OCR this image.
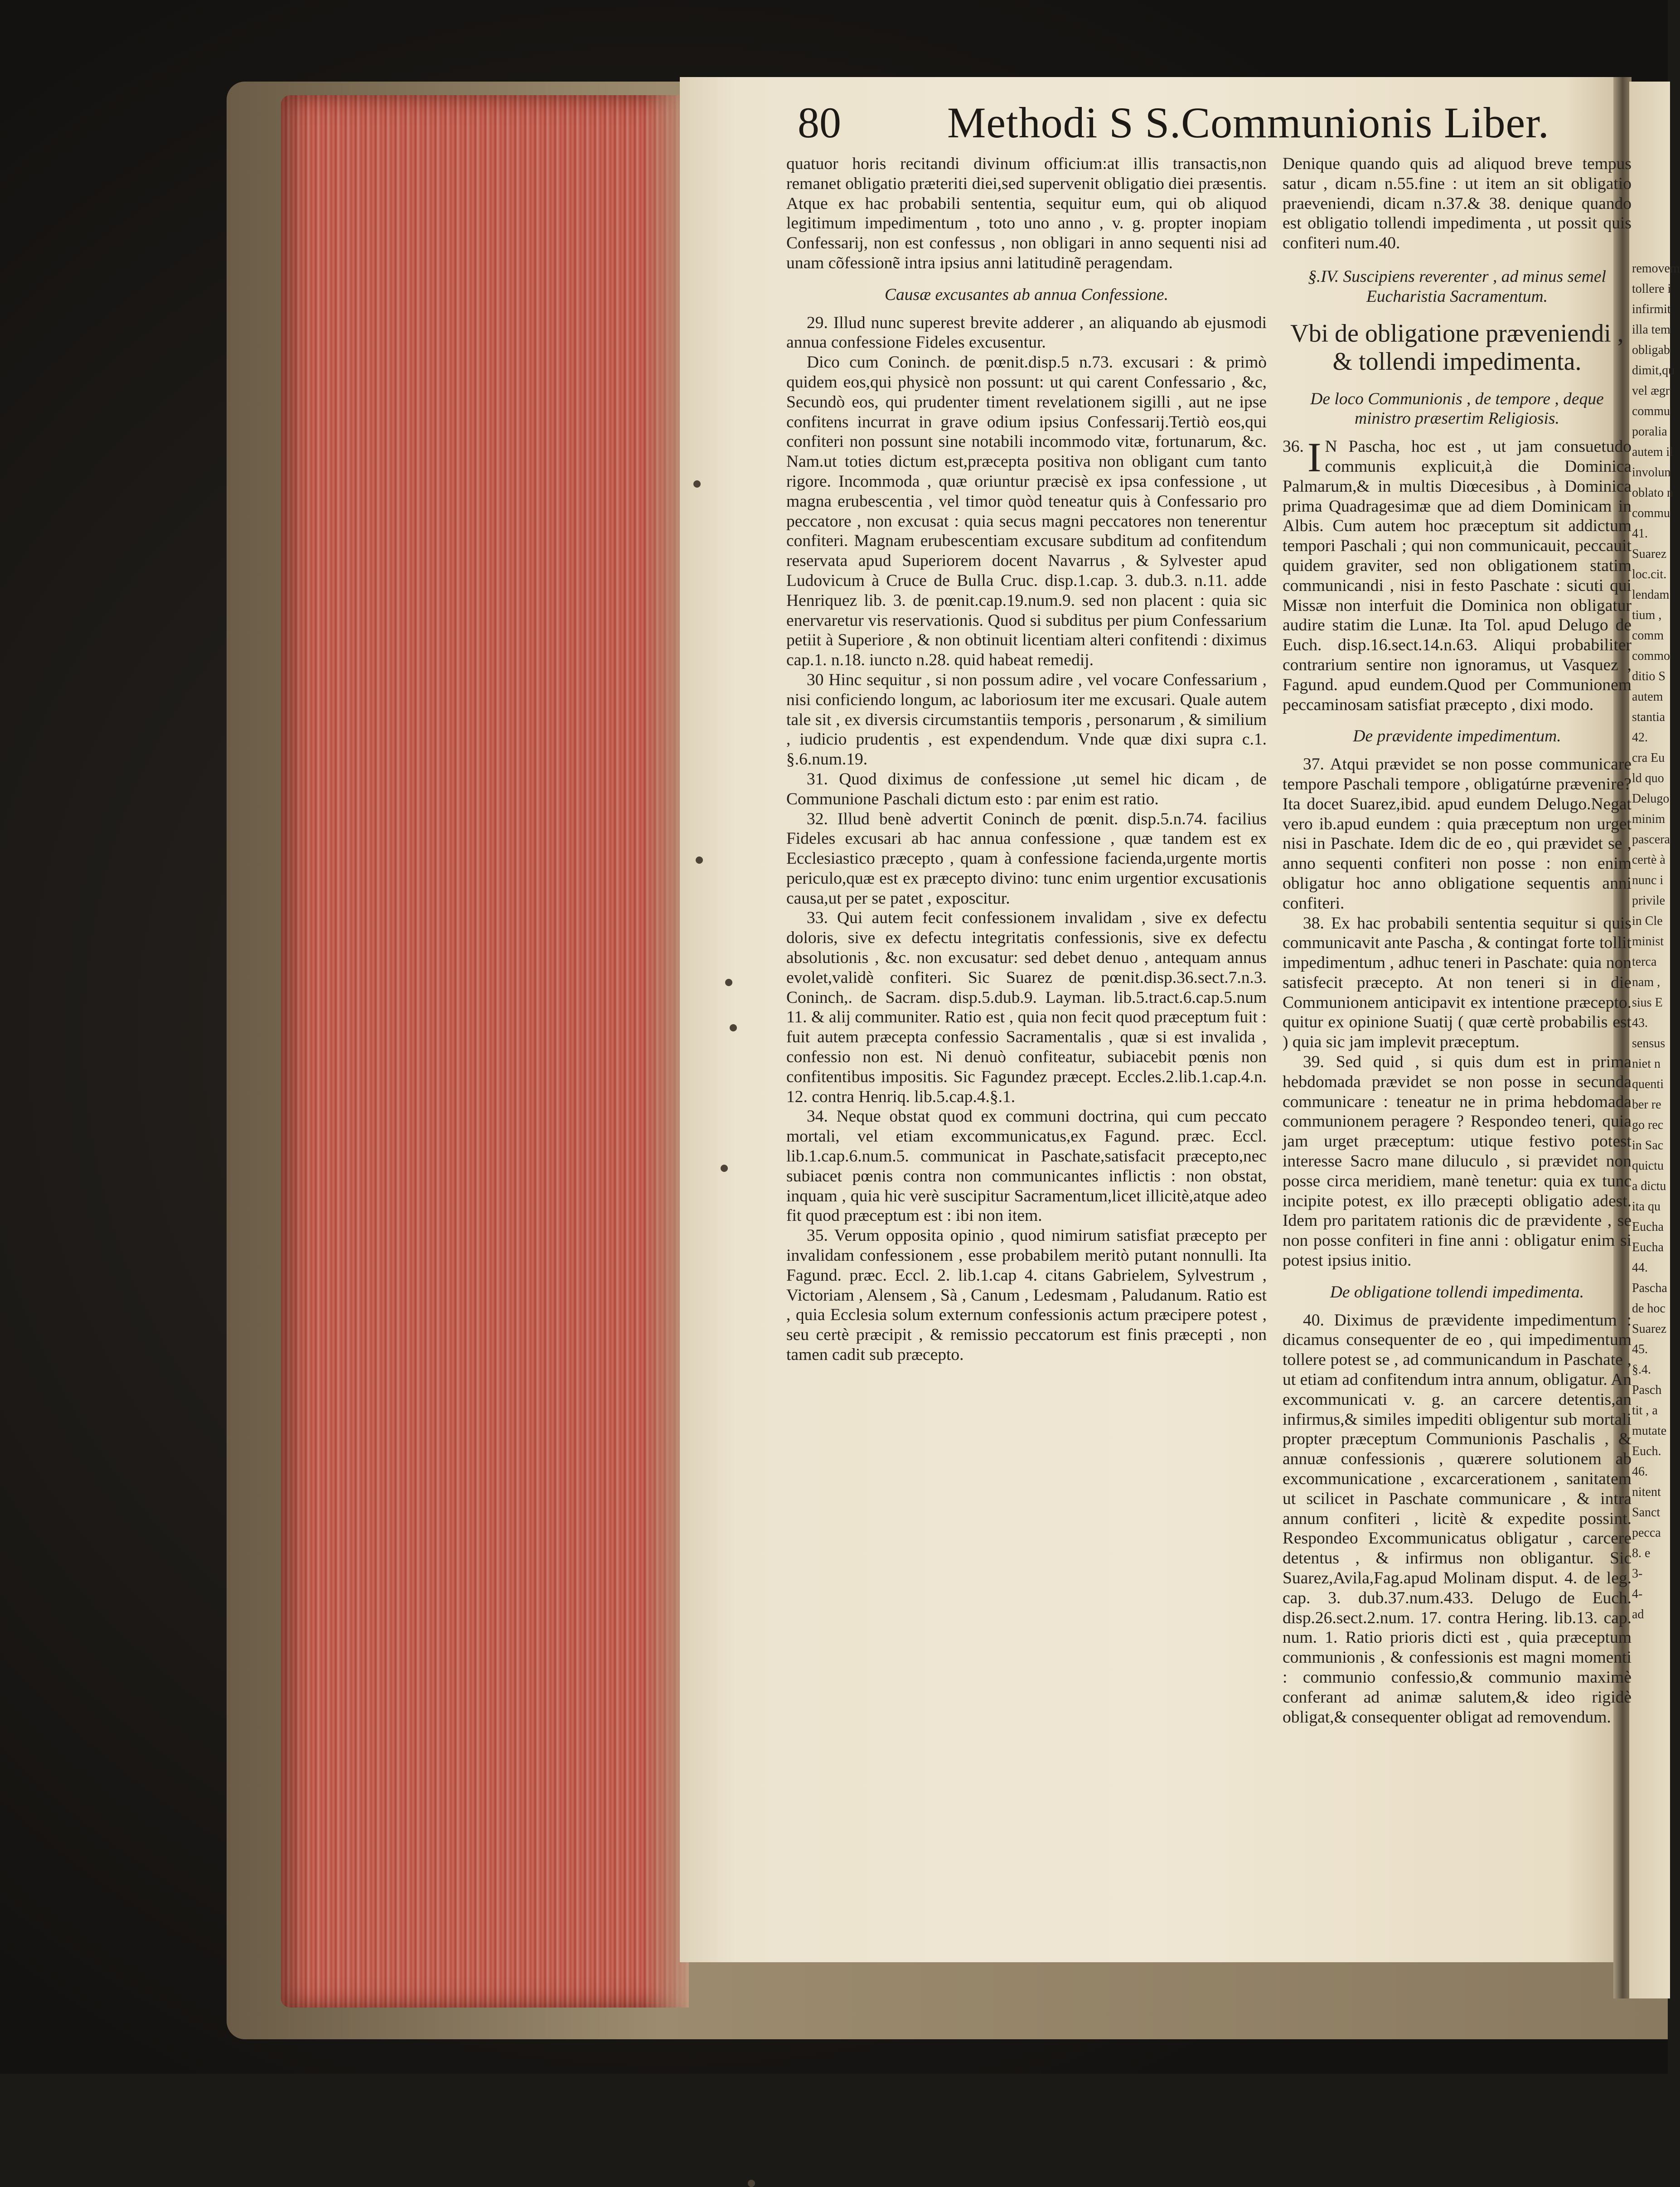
removem
tollere i
infirmit
illa tem
obligab
dimit,qu
vel ægr
commu
poralia
autem il
involun
oblato n
commu
41.
Suarez
loc.cit.
lendam
tium ,
comm
commo
ditio S
autem
stantia
42.
cra Eu
ld quo
Delugo
minim
pascera
certè à
nunc i
privile
in Cle
minist
terca
nam ,
sius E
43.
sensus
niet n
quenti
ber re
go rec
in Sac
quictu
a dictu
ita qu
Eucha
Eucha
44.
Pascha
de hoc
Suarez
45.
§.4.
Pasch
tit , a
mutate
Euch.
46.
nitent
Sanct
pecca
8. e
3-
4-
ad
80 Methodi S S.Communionis Liber.

quatuor horis recitandi divinum officium:at illis transactis,non remanet obligatio præteriti diei,sed supervenit obligatio diei præsentis. Atque ex hac probabili sententia, sequitur eum, qui ob aliquod legitimum impedimentum , toto uno anno , v. g. propter inopiam Confessarij, non est confessus , non obligari in anno sequenti nisi ad unam cõfessionẽ intra ipsius anni latitudinẽ peragendam.

Causæ excusantes ab annua Confessione.

29. Illud nunc superest brevite adderer , an aliquando ab ejusmodi annua confessione Fideles excusentur.

Dico cum Coninch. de pœnit.disp.5 n.73. excusari : & primò quidem eos,qui physicè non possunt: ut qui carent Confessario , &c, Secundò eos, qui prudenter timent revelationem sigilli , aut ne ipse confitens incurrat in grave odium ipsius Confessarij.Tertiò eos,qui confiteri non possunt sine notabili incommodo vitæ, fortunarum, &c. Nam.ut toties dictum est,præcepta positiva non obligant cum tanto rigore. Incommoda , quæ oriuntur præcisè ex ipsa confessione , ut magna erubescentia , vel timor quòd teneatur quis à Confessario pro peccatore , non excusat : quia secus magni peccatores non tenerentur confiteri. Magnam erubescentiam excusare subditum ad confitendum reservata apud Superiorem docent Navarrus , & Sylvester apud Ludovicum à Cruce de Bulla Cruc. disp.1.cap. 3. dub.3. n.11. adde Henriquez lib. 3. de pœnit.cap.19.num.9. sed non placent : quia sic enervaretur vis reservationis. Quod si subditus per pium Confessarium petiit à Superiore , & non obtinuit licentiam alteri confitendi : diximus cap.1. n.18. iuncto n.28. quid habeat remedij.

30 Hinc sequitur , si non possum adire , vel vocare Confessarium , nisi conficiendo longum, ac laboriosum iter me excusari. Quale autem tale sit , ex diversis circumstantiis temporis , personarum , & similium , iudicio prudentis , est expendendum. Vnde quæ dixi supra c.1. §.6.num.19.

31. Quod diximus de confessione ,ut semel hic dicam , de Communione Paschali dictum esto : par enim est ratio.

32. Illud benè advertit Coninch de pœnit. disp.5.n.74. facilius Fideles excusari ab hac annua confessione , quæ tandem est ex Ecclesiastico præcepto , quam à confessione facienda,urgente mortis periculo,quæ est ex præcepto divino: tunc enim urgentior excusationis causa,ut per se patet , exposcitur.

33. Qui autem fecit confessionem invalidam , sive ex defectu doloris, sive ex defectu integritatis confessionis, sive ex defectu absolutionis , &c. non excusatur: sed debet denuo , antequam annus evolet,validè confiteri. Sic Suarez de pœnit.disp.36.sect.7.n.3. Coninch,. de Sacram. disp.5.dub.9. Layman. lib.5.tract.6.cap.5.num 11. & alij communiter. Ratio est , quia non fecit quod præceptum fuit : fuit autem præcepta confessio Sacramentalis , quæ si est invalida , confessio non est. Ni denuò confiteatur, subiacebit pœnis non confitentibus impositis. Sic Fagundez præcept. Eccles.2.lib.1.cap.4.n. 12. contra Henriq. lib.5.cap.4.§.1.

34. Neque obstat quod ex communi doctrina, qui cum peccato mortali, vel etiam excommunicatus,ex Fagund. præc. Eccl. lib.1.cap.6.num.5. communicat in Paschate,satisfacit præcepto,nec subiacet pœnis contra non communicantes inflictis : non obstat, inquam , quia hic verè suscipitur Sacramentum,licet illicitè,atque adeo fit quod præceptum est : ibi non item.

35. Verum opposita opinio , quod nimirum satisfiat præcepto per invalidam confessionem , esse probabilem meritò putant nonnulli. Ita Fagund. præc. Eccl. 2. lib.1.cap 4. citans Gabrielem, Sylvestrum , Victoriam , Alensem , Sà , Canum , Ledesmam , Paludanum. Ratio est , quia Ecclesia solum externum confessionis actum præcipere potest , seu certè præcipit , & remissio peccatorum est finis præcepti , non tamen cadit sub præcepto.

Denique quando quis ad aliquod breve tempus satur , dicam n.55.fine : ut item an sit obligatio praeveniendi, dicam n.37.& 38. denique quando est obligatio tollendi impedimenta , ut possit quis confiteri num.40.

§.IV. Suscipiens reverenter , ad minus semel Eucharistia Sacramentum.

Vbi de obligatione præveniendi , & tollendi impedimenta.

De loco Communionis , de tempore , deque ministro præsertim Religiosis.

36. I N Pascha, hoc est , ut jam consuetudo communis explicuit,à die Dominica Palmarum,& in multis Diœcesibus , à Dominica prima Quadragesimæ que ad diem Dominicam in Albis. Cum autem hoc præceptum sit addictum tempori Paschali ; qui non communicauit, peccauit quidem graviter, sed non obligationem statim communicandi , nisi in festo Paschate : sicuti qui Missæ non interfuit die Dominica non obligatur audire statim die Lunæ. Ita Tol. apud Delugo de Euch. disp.16.sect.14.n.63. Aliqui probabiliter contrarium sentire non ignoramus, ut Vasquez , Fagund. apud eundem.Quod per Communionem peccaminosam satisfiat præcepto , dixi modo.

De prævidente impedimentum.

37. Atqui prævidet se non posse communicare tempore Paschali tempore , obligatúrne prævenire? Ita docet Suarez,ibid. apud eundem Delugo.Negat vero ib.apud eundem : quia præceptum non urget nisi in Paschate. Idem dic de eo , qui prævidet se , anno sequenti confiteri non posse : non enim obligatur hoc anno obligatione sequentis anni confiteri.

38. Ex hac probabili sententia sequitur si quis communicavit ante Pascha , & contingat forte tollit impedimentum , adhuc teneri in Paschate: quia non satisfecit præcepto. At non teneri si in die Communionem anticipavit ex intentione præcepto. quitur ex opinione Suatij ( quæ certè probabilis est ) quia sic jam implevit præceptum.

39. Sed quid , si quis dum est in prima hebdomada prævidet se non posse in secunda communicare : teneatur ne in prima hebdomada communionem peragere ? Respondeo teneri, quia jam urget præceptum: utique festivo potest interesse Sacro mane diluculo , si prævidet non posse circa meridiem, manè tenetur: quia ex tunc incipite potest, ex illo præcepti obligatio adest. Idem pro paritatem rationis dic de prævidente , se non posse confiteri in fine anni : obligatur enim si potest ipsius initio.

De obligatione tollendi impedimenta.

40. Diximus de prævidente impedimentum : dicamus consequenter de eo , qui impedimentum tollere potest se , ad communicandum in Paschate , ut etiam ad confitendum intra annum, obligatur. An excommunicati v. g. an carcere detentis,an infirmus,& similes impediti obligentur sub mortali propter præceptum Communionis Paschalis , & annuæ confessionis , quærere solutionem ab excommunicatione , excarcerationem , sanitatem ut scilicet in Paschate communicare , & intra annum confiteri , licitè & expedite possint. Respondeo Excommunicatus obligatur , carcere detentus , & infirmus non obligantur. Sic Suarez,Avila,Fag.apud Molinam disput. 4. de leg. cap. 3. dub.37.num.433. Delugo de Euch. disp.26.sect.2.num. 17. contra Hering. lib.13. cap. num. 1. Ratio prioris dicti est , quia præceptum communionis , & confessionis est magni momenti : communio confessio,& communio maximè conferant ad animæ salutem,& ideo rigidè obligat,& consequenter obligat ad removendum.
